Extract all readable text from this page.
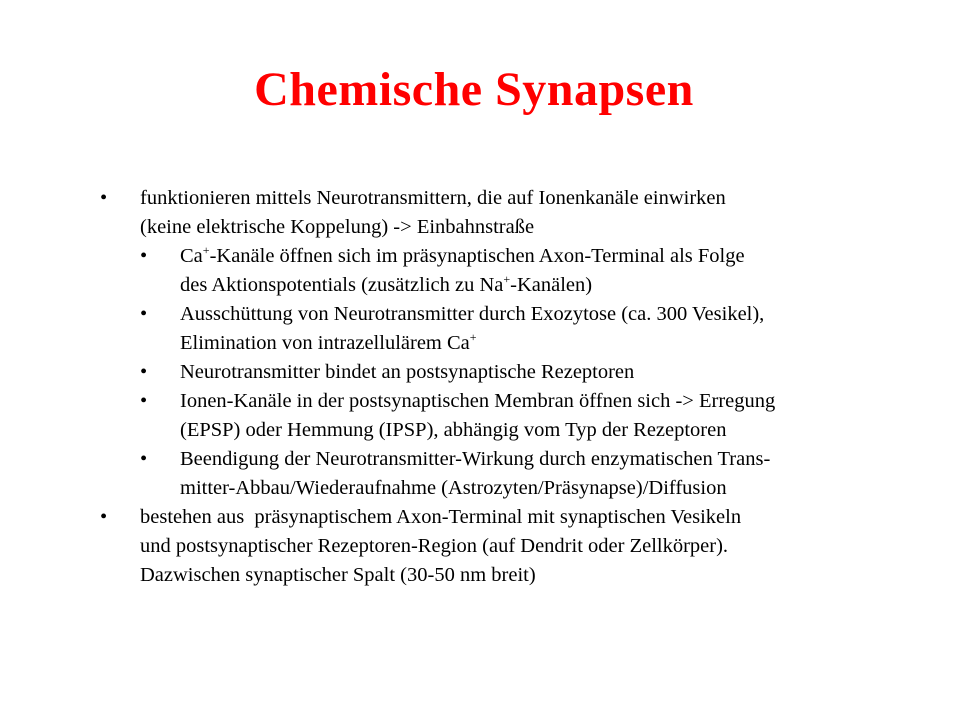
Chemische Synapsen
• funktionieren mittels Neurotransmittern, die auf Ionenkanäle einwirken
(keine elektrische Koppelung) -> Einbahnstraße
• Ca+-Kanäle öffnen sich im präsynaptischen Axon-Terminal als Folge
des Aktionspotentials (zusätzlich zu Na+-Kanälen)
• Ausschüttung von Neurotransmitter durch Exozytose (ca. 300 Vesikel),
Elimination von intrazellulärem Ca+
• Neurotransmitter bindet an postsynaptische Rezeptoren
• Ionen-Kanäle in der postsynaptischen Membran öffnen sich -> Erregung
(EPSP) oder Hemmung (IPSP), abhängig vom Typ der Rezeptoren
• Beendigung der Neurotransmitter-Wirkung durch enzymatischen Trans-
mitter-Abbau/Wiederaufnahme (Astrozyten/Präsynapse)/Diffusion
• bestehen aus  präsynaptischem Axon-Terminal mit synaptischen Vesikeln
und postsynaptischer Rezeptoren-Region (auf Dendrit oder Zellkörper).
Dazwischen synaptischer Spalt (30-50 nm breit)
